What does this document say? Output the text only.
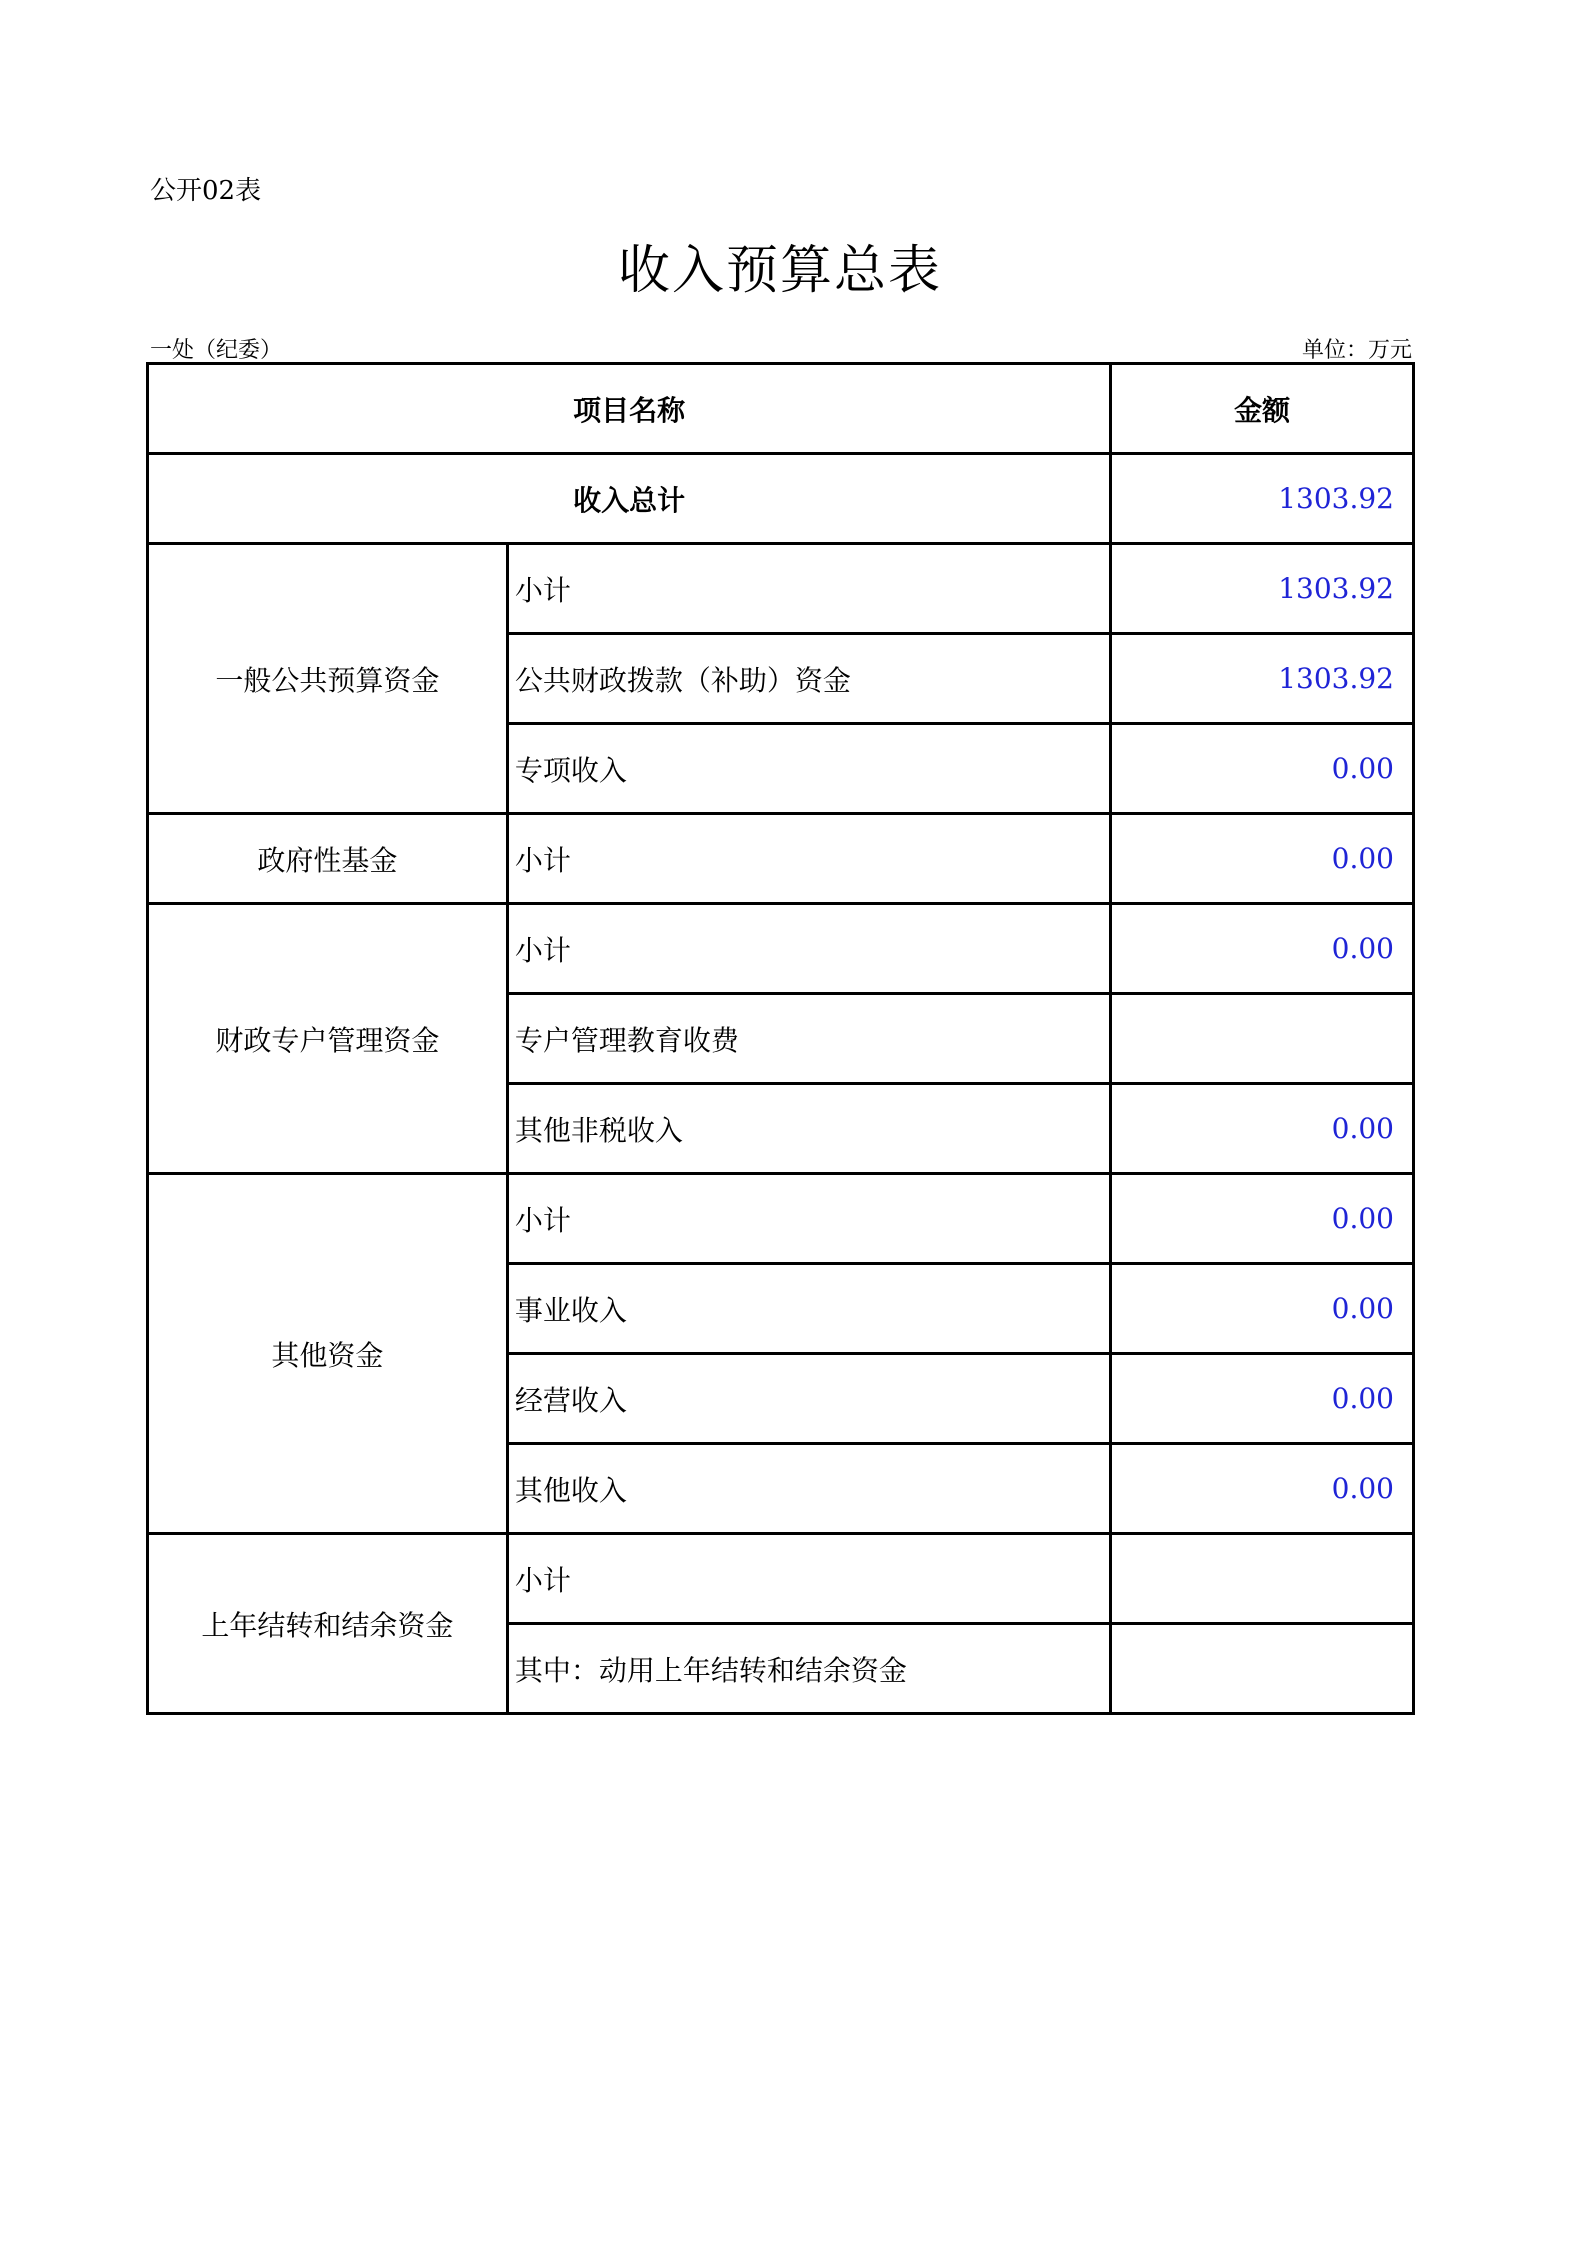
公开02表
收入预算总表
一处（纪委）	单位：万元
项目名称		金额
收入总计		1303.92
一般公共预算资金	小计	1303.92
	公共财政拨款（补助）资金	1303.92
	专项收入	0.00
政府性基金	小计	0.00
财政专户管理资金	小计	0.00
	专户管理教育收费	
	其他非税收入	0.00
其他资金	小计	0.00
	事业收入	0.00
	经营收入	0.00
	其他收入	0.00
上年结转和结余资金	小计	
	其中：动用上年结转和结余资金	
